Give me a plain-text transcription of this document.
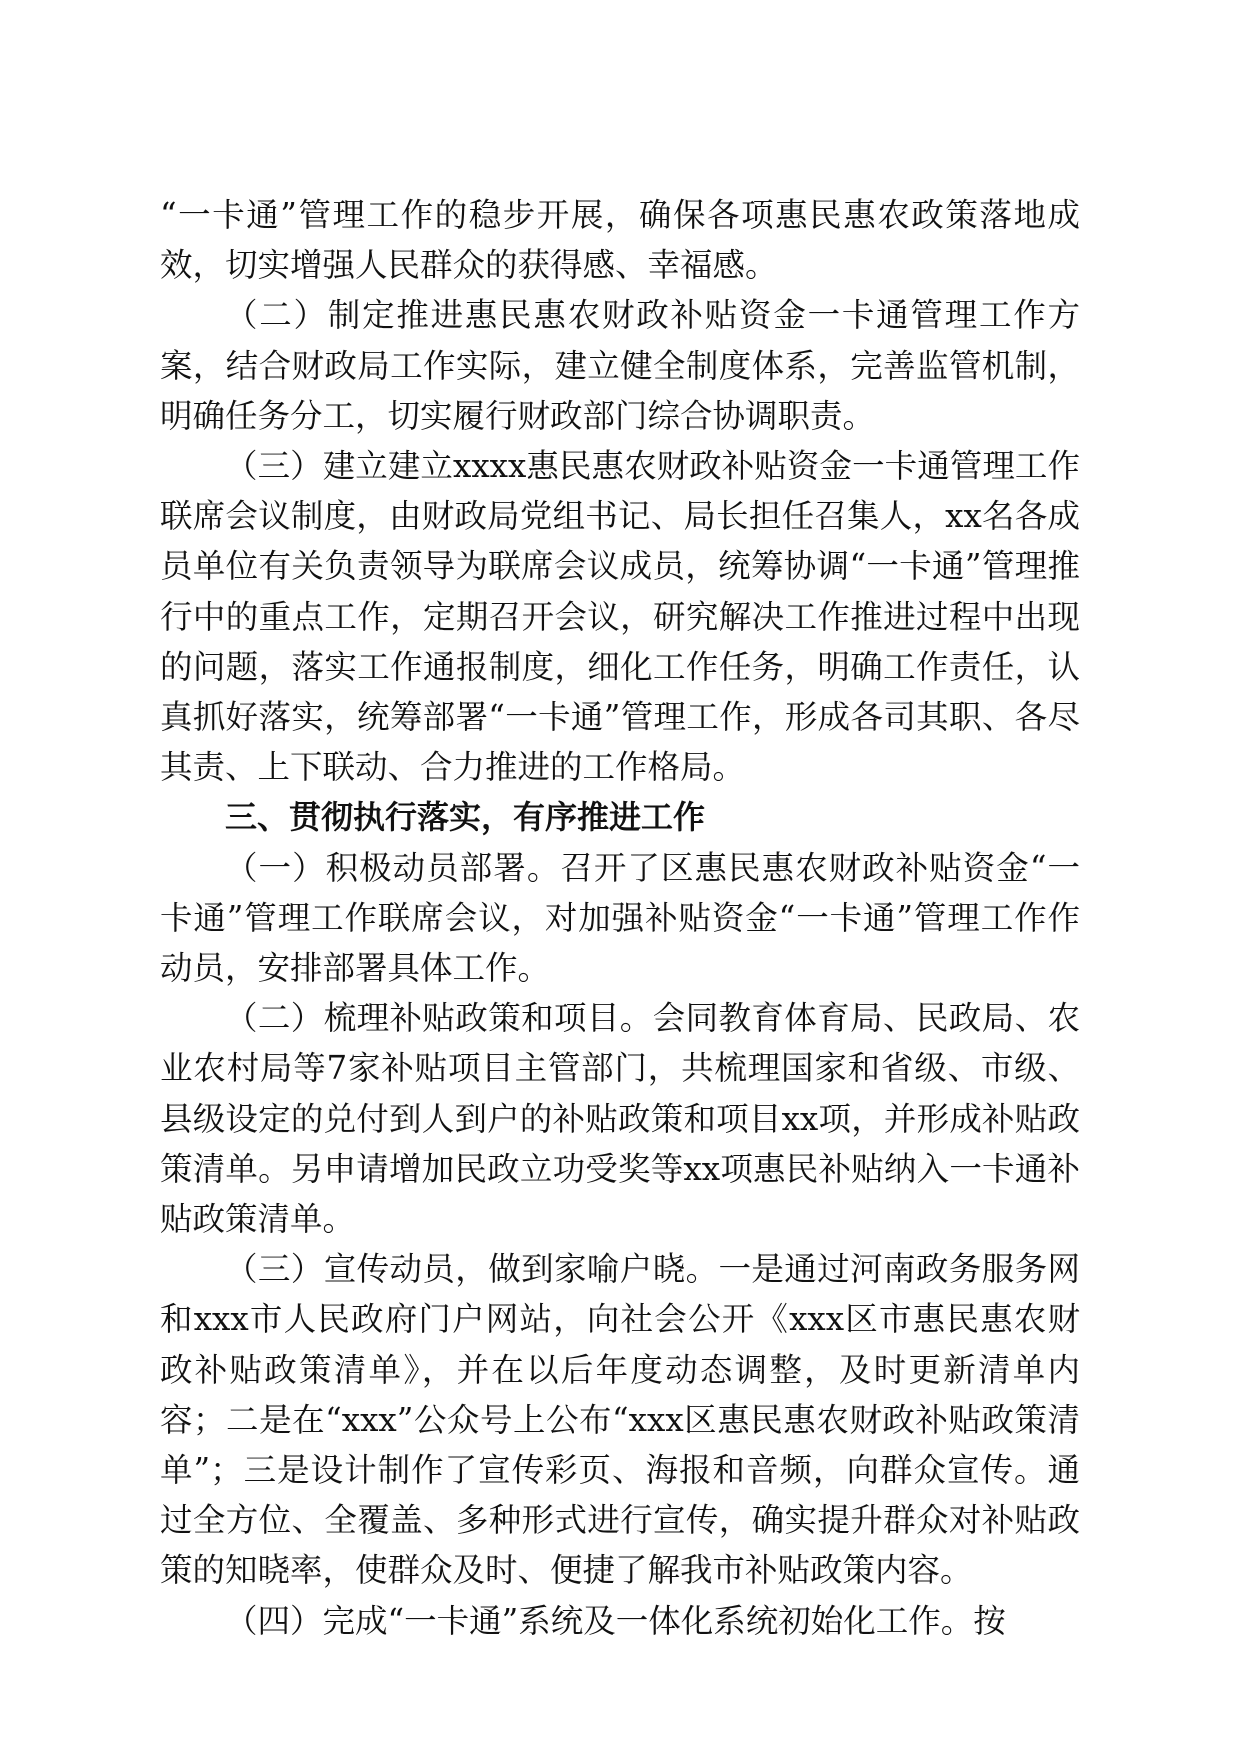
“一卡通”管理工作的稳步开展，确保各项惠民惠农政策落地成效，切实增强人民群众的获得感、幸福感。

（二）制定推进惠民惠农财政补贴资金一卡通管理工作方案，结合财政局工作实际，建立健全制度体系，完善监管机制，明确任务分工，切实履行财政部门综合协调职责。

（三）建立建立xxxx惠民惠农财政补贴资金一卡通管理工作联席会议制度，由财政局党组书记、局长担任召集人，xx名各成员单位有关负责领导为联席会议成员，统筹协调“一卡通”管理推行中的重点工作，定期召开会议，研究解决工作推进过程中出现的问题，落实工作通报制度，细化工作任务，明确工作责任，认真抓好落实，统筹部署“一卡通”管理工作，形成各司其职、各尽其责、上下联动、合力推进的工作格局。

三、贯彻执行落实，有序推进工作

（一）积极动员部署。召开了区惠民惠农财政补贴资金“一卡通”管理工作联席会议，对加强补贴资金“一卡通”管理工作作动员，安排部署具体工作。

（二）梳理补贴政策和项目。会同教育体育局、民政局、农业农村局等7家补贴项目主管部门，共梳理国家和省级、市级、县级设定的兑付到人到户的补贴政策和项目xx项，并形成补贴政策清单。另申请增加民政立功受奖等xx项惠民补贴纳入一卡通补贴政策清单。

（三）宣传动员，做到家喻户晓。一是通过河南政务服务网和xxx市人民政府门户网站，向社会公开《xxx区市惠民惠农财政补贴政策清单》，并在以后年度动态调整，及时更新清单内容；二是在“xxx”公众号上公布“xxx区惠民惠农财政补贴政策清单”；三是设计制作了宣传彩页、海报和音频，向群众宣传。通过全方位、全覆盖、多种形式进行宣传，确实提升群众对补贴政策的知晓率，使群众及时、便捷了解我市补贴政策内容。

（四）完成“一卡通”系统及一体化系统初始化工作。按
